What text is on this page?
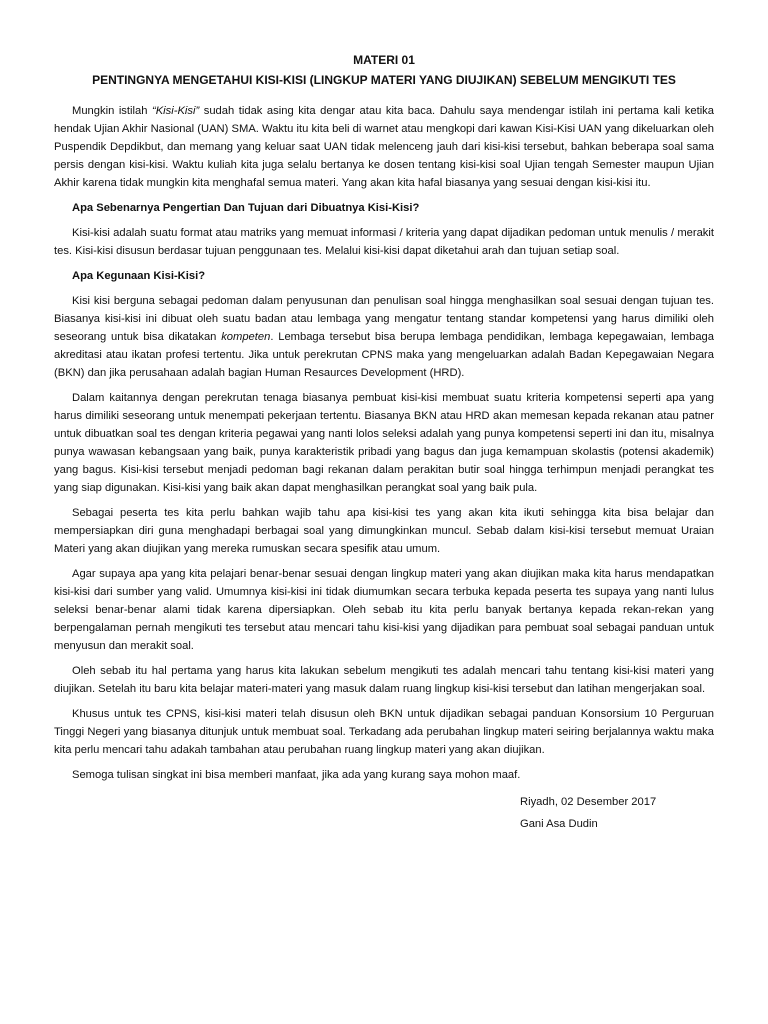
MATERI 01
PENTINGNYA MENGETAHUI KISI-KISI (LINGKUP MATERI YANG DIUJIKAN) SEBELUM MENGIKUTI TES

Mungkin istilah “Kisi-Kisi” sudah tidak asing kita dengar atau kita baca. Dahulu saya mendengar istilah ini pertama kali ketika hendak Ujian Akhir Nasional (UAN) SMA. Waktu itu kita beli di warnet atau mengkopi dari kawan Kisi-Kisi UAN yang dikeluarkan oleh Puspendik Depdikbut, dan memang yang keluar saat UAN tidak melenceng jauh dari kisi-kisi tersebut, bahkan beberapa soal sama persis dengan kisi-kisi. Waktu kuliah kita juga selalu bertanya ke dosen tentang kisi-kisi soal Ujian tengah Semester maupun Ujian Akhir karena tidak mungkin kita menghafal semua materi. Yang akan kita hafal biasanya yang sesuai dengan kisi-kisi itu.

Apa Sebenarnya Pengertian Dan Tujuan dari Dibuatnya Kisi-Kisi?

Kisi-kisi adalah suatu format atau matriks yang memuat informasi / kriteria yang dapat dijadikan pedoman untuk menulis / merakit tes. Kisi-kisi disusun berdasar tujuan penggunaan tes. Melalui kisi-kisi dapat diketahui arah dan tujuan setiap soal.

Apa Kegunaan Kisi-Kisi?

Kisi kisi berguna sebagai pedoman dalam penyusunan dan penulisan soal hingga menghasilkan soal sesuai dengan tujuan tes. Biasanya kisi-kisi ini dibuat oleh suatu badan atau lembaga yang mengatur tentang standar kompetensi yang harus dimiliki oleh seseorang untuk bisa dikatakan kompeten. Lembaga tersebut bisa berupa lembaga pendidikan, lembaga kepegawaian, lembaga akreditasi atau ikatan profesi tertentu. Jika untuk perekrutan CPNS maka yang mengeluarkan adalah Badan Kepegawaian Negara (BKN) dan jika perusahaan adalah bagian Human Resaurces Development (HRD).

Dalam kaitannya dengan perekrutan tenaga biasanya pembuat kisi-kisi membuat suatu kriteria kompetensi seperti apa yang harus dimiliki seseorang untuk menempati pekerjaan tertentu. Biasanya BKN atau HRD akan memesan kepada rekanan atau patner untuk dibuatkan soal tes dengan kriteria pegawai yang nanti lolos seleksi adalah yang punya kompetensi seperti ini dan itu, misalnya punya wawasan kebangsaan yang baik, punya karakteristik pribadi yang bagus dan juga kemampuan skolastis (potensi akademik) yang bagus. Kisi-kisi tersebut menjadi pedoman bagi rekanan dalam perakitan butir soal hingga terhimpun menjadi perangkat tes yang siap digunakan. Kisi-kisi yang baik akan dapat menghasilkan perangkat soal yang baik pula.

Sebagai peserta tes kita perlu bahkan wajib tahu apa kisi-kisi tes yang akan kita ikuti sehingga kita bisa belajar dan mempersiapkan diri guna menghadapi berbagai soal yang dimungkinkan muncul. Sebab dalam kisi-kisi tersebut memuat Uraian Materi yang akan diujikan yang mereka rumuskan secara spesifik atau umum.

Agar supaya apa yang kita pelajari benar-benar sesuai dengan lingkup materi yang akan diujikan maka kita harus mendapatkan kisi-kisi dari sumber yang valid. Umumnya kisi-kisi ini tidak diumumkan secara terbuka kepada peserta tes supaya yang nanti lulus seleksi benar-benar alami tidak karena dipersiapkan. Oleh sebab itu kita perlu banyak bertanya kepada rekan-rekan yang berpengalaman pernah mengikuti tes tersebut atau mencari tahu kisi-kisi yang dijadikan para pembuat soal sebagai panduan untuk menyusun dan merakit soal.

Oleh sebab itu hal pertama yang harus kita lakukan sebelum mengikuti tes adalah mencari tahu tentang kisi-kisi materi yang diujikan. Setelah itu baru kita belajar materi-materi yang masuk dalam ruang lingkup kisi-kisi tersebut dan latihan mengerjakan soal.

Khusus untuk tes CPNS, kisi-kisi materi telah disusun oleh BKN untuk dijadikan sebagai panduan Konsorsium 10 Perguruan Tinggi Negeri yang biasanya ditunjuk untuk membuat soal. Terkadang ada perubahan lingkup materi seiring berjalannya waktu maka kita perlu mencari tahu adakah tambahan atau perubahan ruang lingkup materi yang akan diujikan.

Semoga tulisan singkat ini bisa memberi manfaat, jika ada yang kurang saya mohon maaf.

Riyadh, 02 Desember 2017
Gani Asa Dudin
